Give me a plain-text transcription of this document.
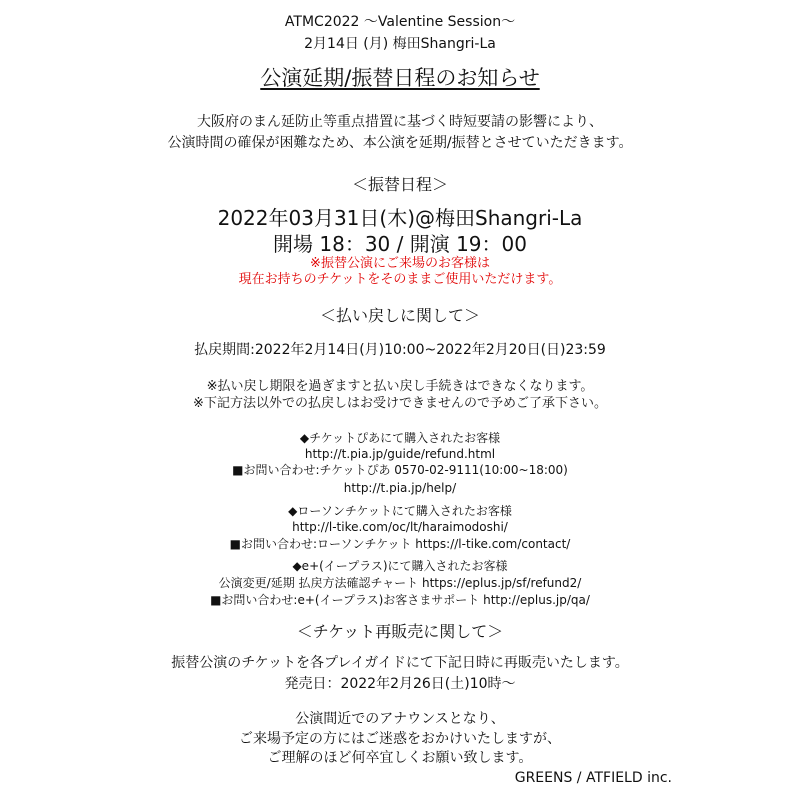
ATMC2022 〜Valentine Session〜
2月14日 (月) 梅田Shangri-La
公演延期/振替日程のお知らせ
大阪府のまん延防止等重点措置に基づく時短要請の影響により、
公演時間の確保が困難なため、本公演を延期/振替とさせていただきます。
＜振替日程＞
2022年03月31日(木)@梅田Shangri-La
開場 18：30 / 開演 19：00
※振替公演にご来場のお客様は
現在お持ちのチケットをそのままご使用いただけます。
＜払い戻しに関して＞
払戻期間:2022年2月14日(月)10:00~2022年2月20日(日)23:59
※払い戻し期限を過ぎますと払い戻し手続きはできなくなります。
※下記方法以外での払戻しはお受けできませんので予めご了承下さい。
◆チケットぴあにて購入されたお客様
http://t.pia.jp/guide/refund.html
■お問い合わせ:チケットぴあ 0570-02-9111(10:00~18:00)
http://t.pia.jp/help/
◆ローソンチケットにて購入されたお客様
http://l-tike.com/oc/lt/haraimodoshi/
■お問い合わせ:ローソンチケット https://l-tike.com/contact/
◆e+(イープラス)にて購入されたお客様
公演変更/延期 払戻方法確認チャート https://eplus.jp/sf/refund2/
■お問い合わせ:e+(イープラス)お客さまサポート http://eplus.jp/qa/
＜チケット再販売に関して＞
振替公演のチケットを各プレイガイドにて下記日時に再販売いたします。
発売日：2022年2月26日(土)10時〜
公演間近でのアナウンスとなり、
ご来場予定の方にはご迷惑をおかけいたしますが、
ご理解のほど何卒宜しくお願い致します。
GREENS / ATFIELD inc.
